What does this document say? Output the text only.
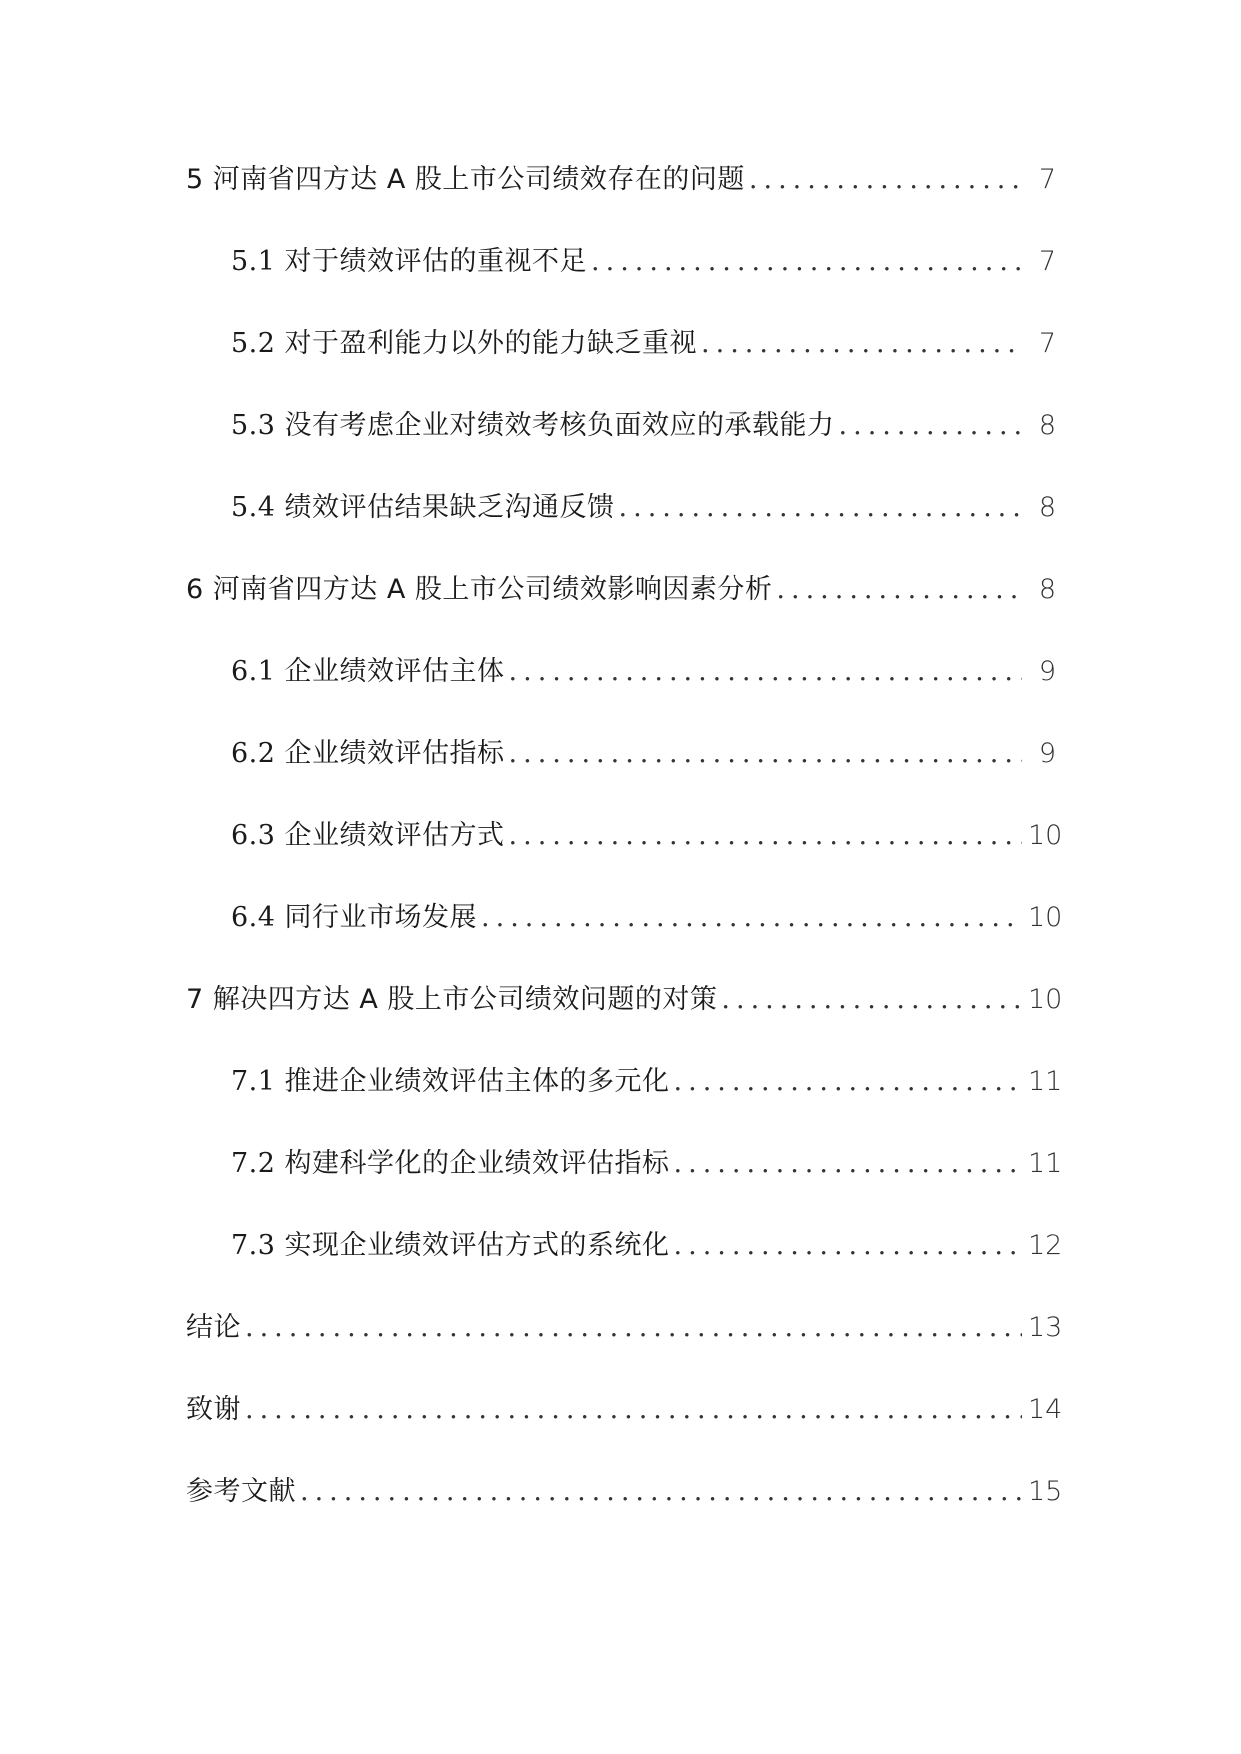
5 河南省四方达 A 股上市公司绩效存在的问题 .....	7
5.1 对于绩效评估的重视不足 .....	7
5.2 对于盈利能力以外的能力缺乏重视 .....	7
5.3 没有考虑企业对绩效考核负面效应的承载能力 .....	8
5.4 绩效评估结果缺乏沟通反馈 .....	8
6 河南省四方达 A 股上市公司绩效影响因素分析 .....	8
6.1 企业绩效评估主体 .....	9
6.2 企业绩效评估指标 .....	9
6.3 企业绩效评估方式 .....	10
6.4 同行业市场发展 .....	10
7 解决四方达 A 股上市公司绩效问题的对策 .....	10
7.1 推进企业绩效评估主体的多元化 .....	11
7.2 构建科学化的企业绩效评估指标 .....	11
7.3 实现企业绩效评估方式的系统化 .....	12
结论 .....	13
致谢 .....	14
参考文献 .....	15
